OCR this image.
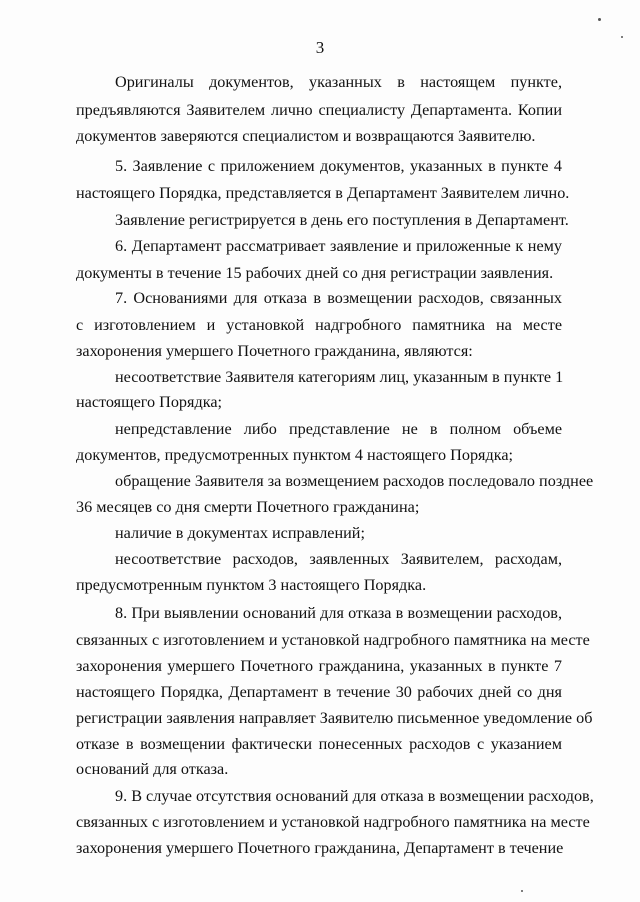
3
Оригиналы документов, указанных в настоящем пункте,
предъявляются Заявителем лично специалисту Департамента. Копии
документов заверяются специалистом и возвращаются Заявителю.
5. Заявление с приложением документов, указанных в пункте 4
настоящего Порядка, представляется в Департамент Заявителем лично.
Заявление регистрируется в день его поступления в Департамент.
6. Департамент рассматривает заявление и приложенные к нему
документы в течение 15 рабочих дней со дня регистрации заявления.
7. Основаниями для отказа в возмещении расходов, связанных
с изготовлением и установкой надгробного памятника на месте
захоронения умершего Почетного гражданина, являются:
несоответствие Заявителя категориям лиц, указанным в пункте 1
настоящего Порядка;
непредставление либо представление не в полном объеме
документов, предусмотренных пунктом 4 настоящего Порядка;
обращение Заявителя за возмещением расходов последовало позднее
36 месяцев со дня смерти Почетного гражданина;
наличие в документах исправлений;
несоответствие расходов, заявленных Заявителем, расходам,
предусмотренным пунктом 3 настоящего Порядка.
8. При выявлении оснований для отказа в возмещении расходов,
связанных с изготовлением и установкой надгробного памятника на месте
захоронения умершего Почетного гражданина, указанных в пункте 7
настоящего Порядка, Департамент в течение 30 рабочих дней со дня
регистрации заявления направляет Заявителю письменное уведомление об
отказе в возмещении фактически понесенных расходов с указанием
оснований для отказа.
9. В случае отсутствия оснований для отказа в возмещении расходов,
связанных с изготовлением и установкой надгробного памятника на месте
захоронения умершего Почетного гражданина, Департамент в течение
